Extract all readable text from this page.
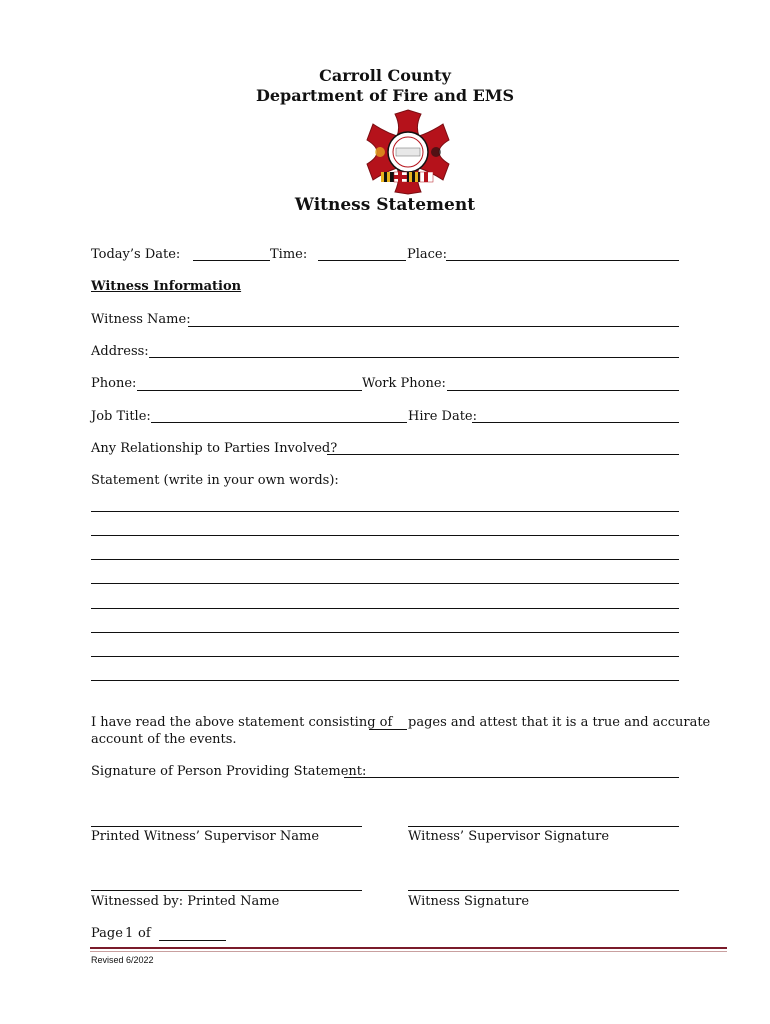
Carroll County
Department of Fire and EMS
Witness Statement
Today’s Date:	Time:	Place:
Witness Information
Witness Name:
Address:
Phone:	Work Phone:
Job Title:	Hire Date:
Any Relationship to Parties Involved?
Statement (write in your own words):
I have read the above statement consisting of pages and attest that it is a true and accurate
account of the events.
Signature of Person Providing Statement:
Printed Witness’ Supervisor Name	Witness’ Supervisor Signature
Witnessed by: Printed Name	Witness Signature
Page 1 of
Revised 6/2022
